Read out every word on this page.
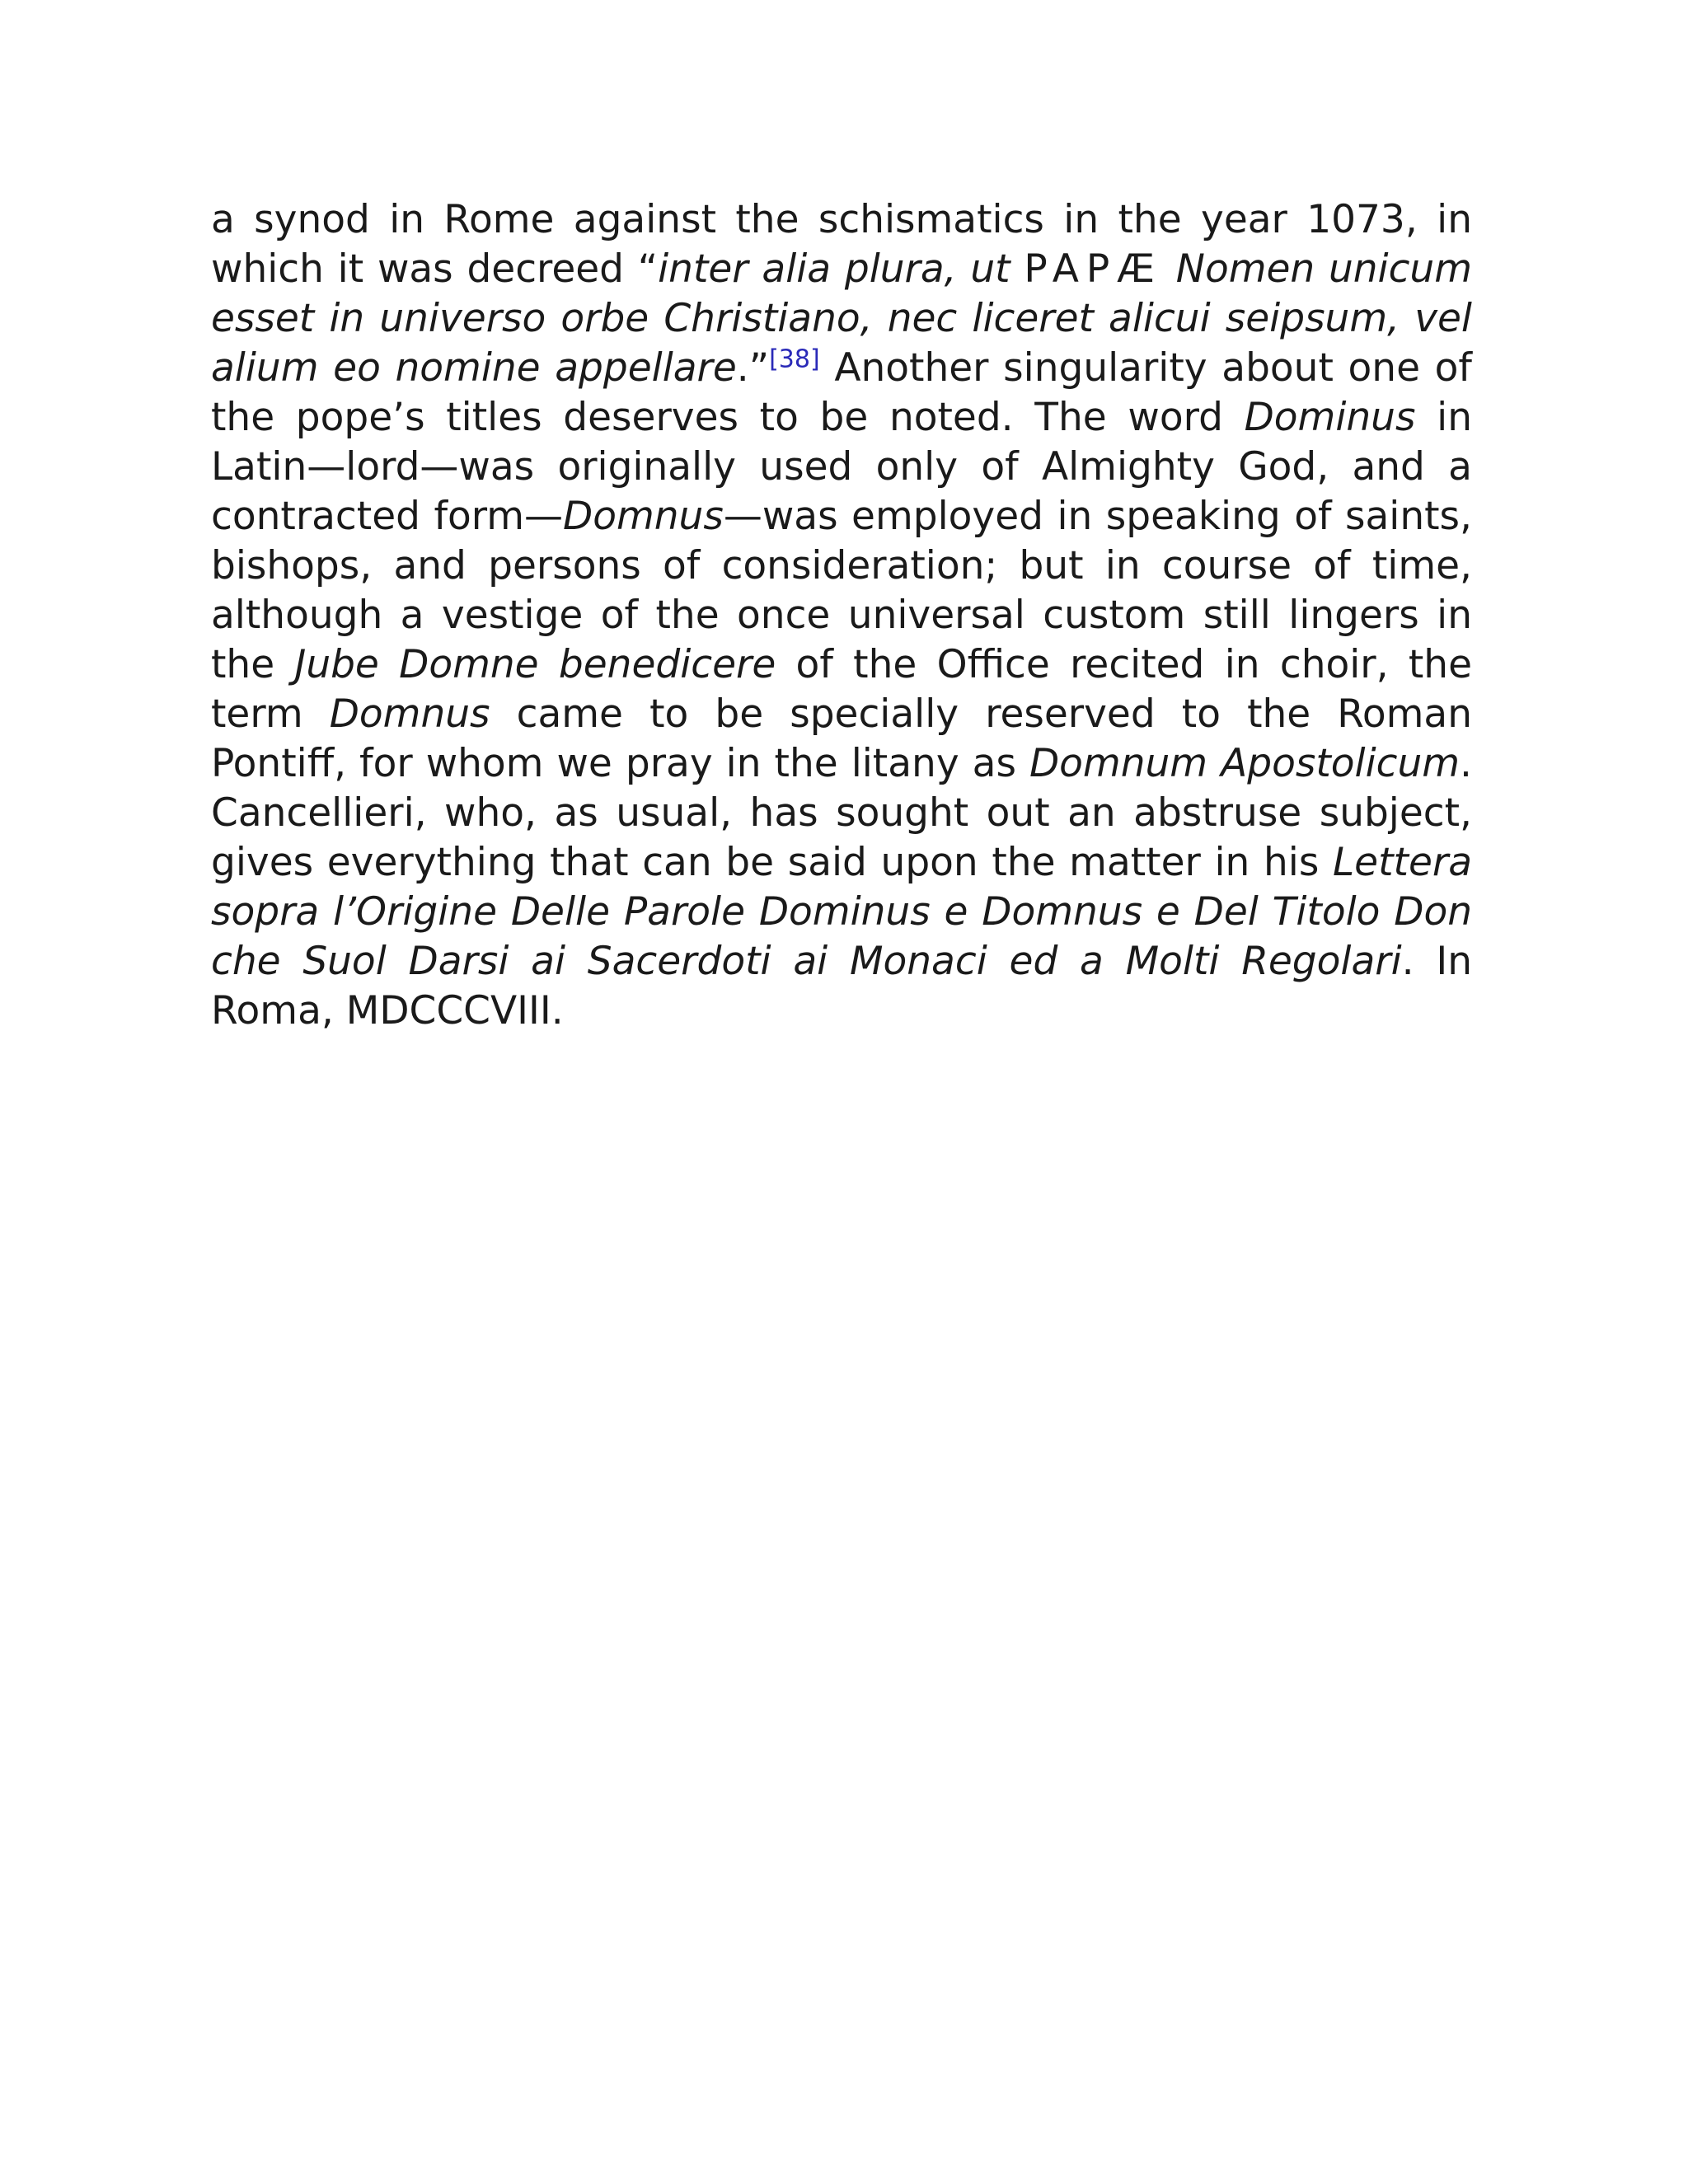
a synod in Rome against the schismatics in the year 1073, in which it was decreed “inter alia plura, ut PAPÆ Nomen unicum esset in universo orbe Christiano, nec liceret alicui seipsum, vel alium eo nomine appellare.”[38] Another singularity about one of the pope’s titles deserves to be noted. The word Dominus in Latin—lord—was originally used only of Almighty God, and a contracted form—Domnus—was employed in speaking of saints, bishops, and persons of consideration; but in course of time, although a vestige of the once universal custom still lingers in the Jube Domne benedicere of the Office recited in choir, the term Domnus came to be specially reserved to the Roman Pontiff, for whom we pray in the litany as Domnum Apostolicum. Cancellieri, who, as usual, has sought out an abstruse subject, gives everything that can be said upon the matter in his Lettera sopra l’Origine Delle Parole Dominus e Domnus e Del Titolo Don che Suol Darsi ai Sacerdoti ai Monaci ed a Molti Regolari. In Roma, MDCCCVIII.
